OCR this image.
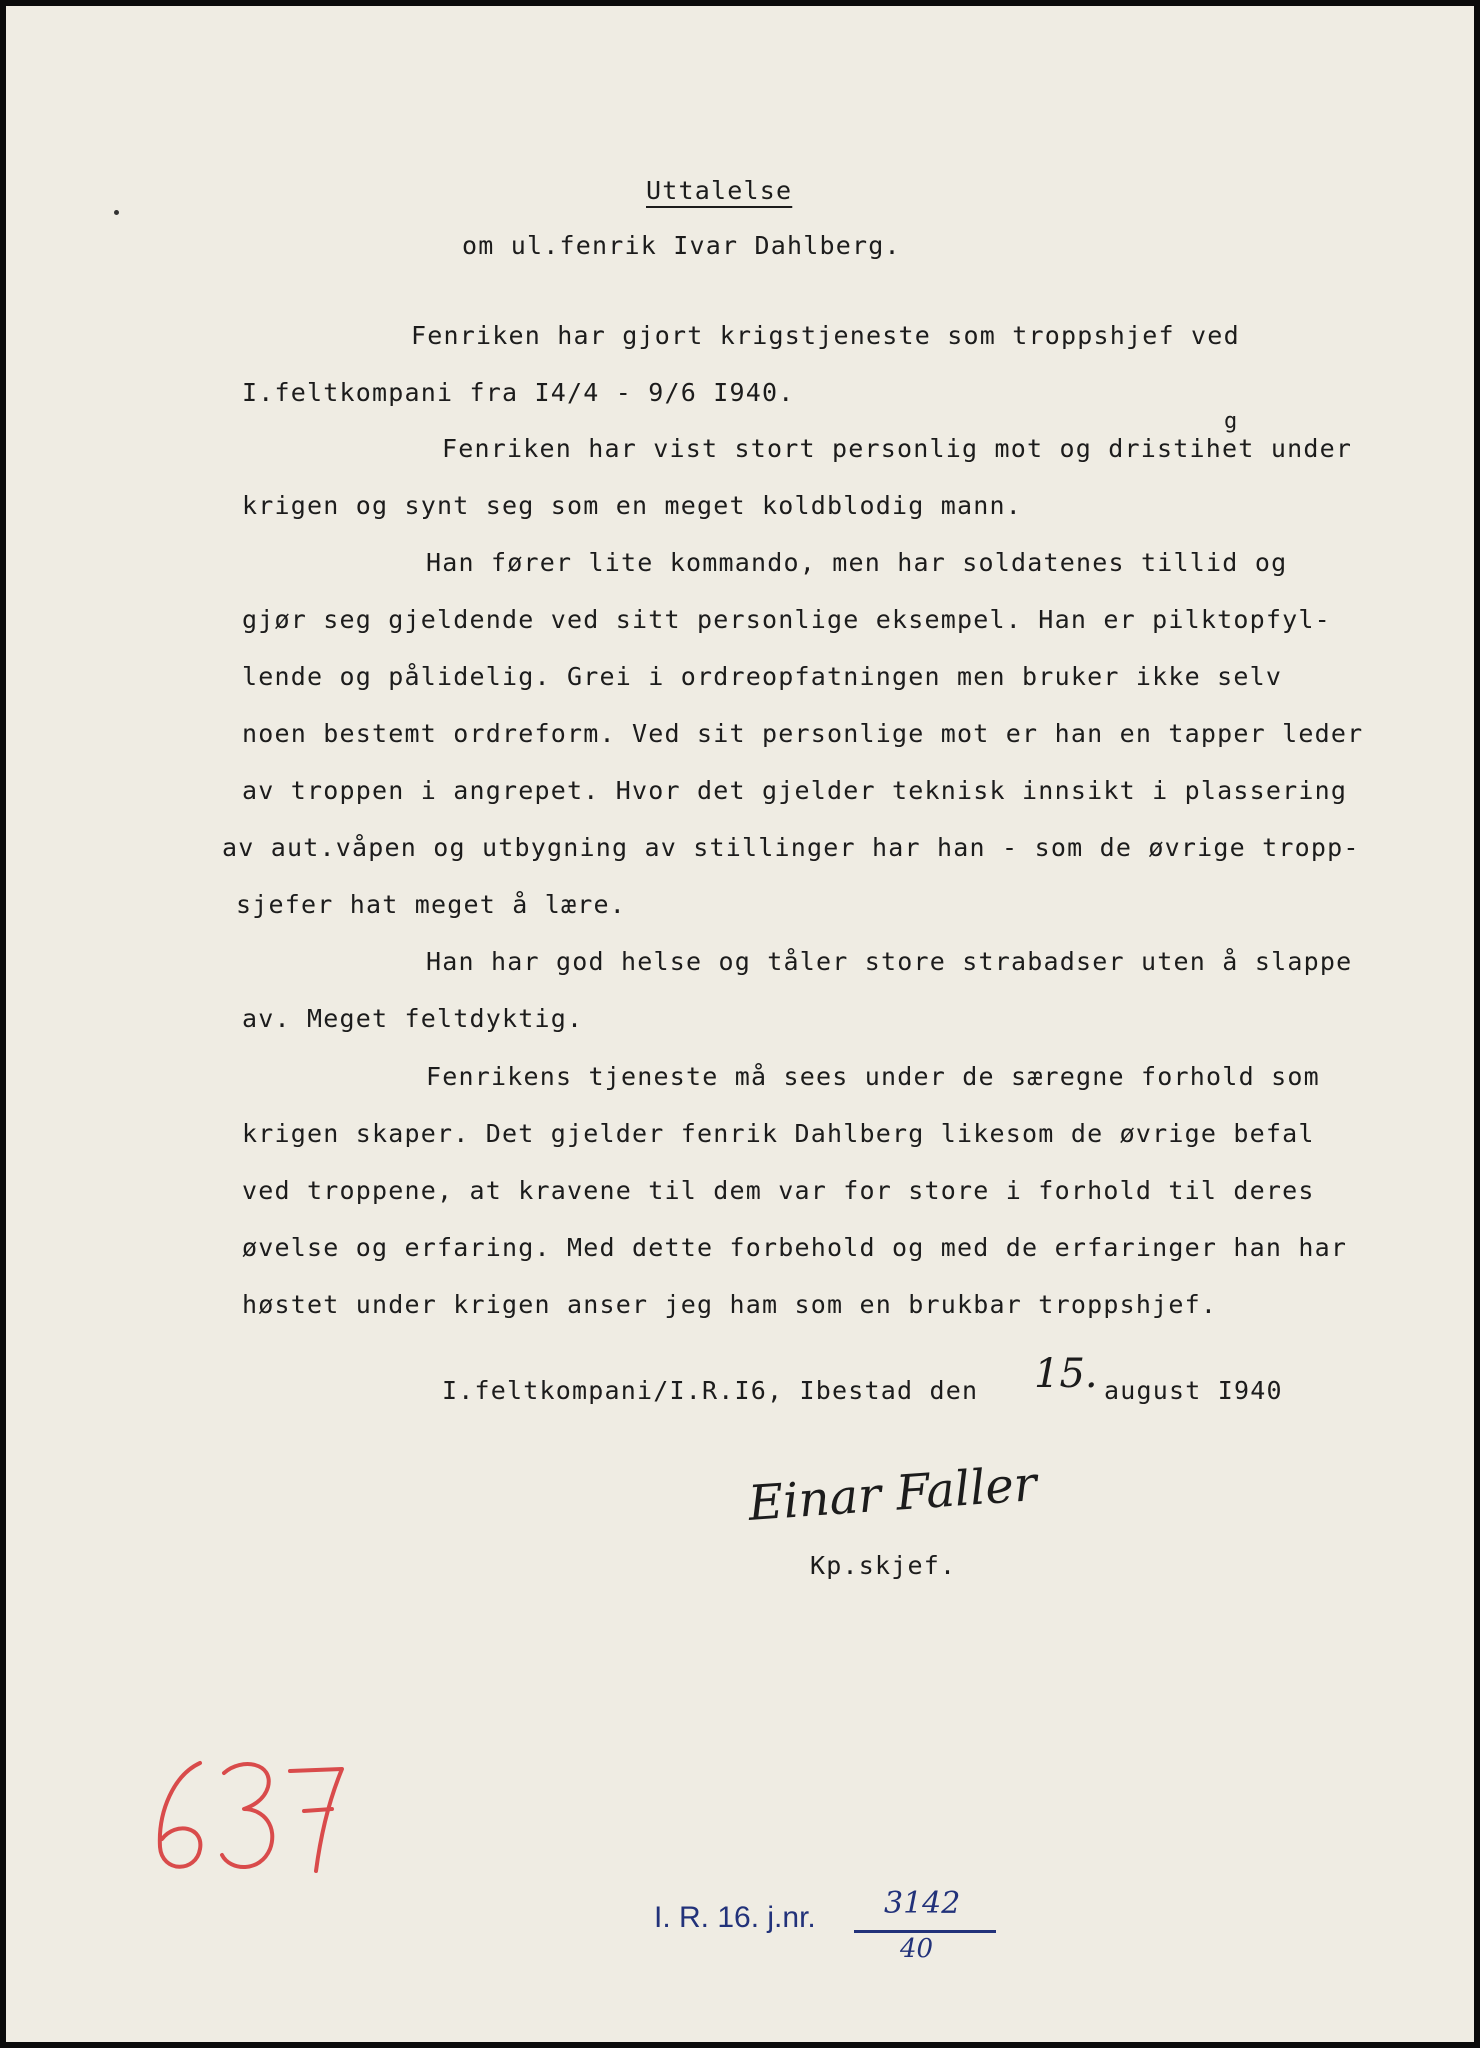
Uttalelse
om ul.fenrik Ivar Dahlberg.
Fenriken har gjort krigstjeneste som troppshjef ved
I.feltkompani fra I4/4 - 9/6 I940.
g
Fenriken har vist stort personlig mot og dristihet under
krigen og synt seg som en meget koldblodig mann.
Han fører lite kommando, men har soldatenes tillid og
gjør seg gjeldende ved sitt personlige eksempel. Han er pilktopfyl-
lende og pålidelig. Grei i ordreopfatningen men bruker ikke selv
noen bestemt ordreform. Ved sit personlige mot er han en tapper leder
av troppen i angrepet. Hvor det gjelder teknisk innsikt i plassering
av aut.våpen og utbygning av stillinger har han - som de øvrige tropp-
sjefer hat meget å lære.
Han har god helse og tåler store strabadser uten å slappe
av. Meget feltdyktig.
Fenrikens tjeneste må sees under de særegne forhold som
krigen skaper. Det gjelder fenrik Dahlberg likesom de øvrige befal
ved troppene, at kravene til dem var for store i forhold til deres
øvelse og erfaring. Med dette forbehold og med de erfaringer han har
høstet under krigen anser jeg ham som en brukbar troppshjef.
I.feltkompani/I.R.I6, Ibestad den 15. august I940
Einar Faller
Kp.skjef.
I. R. 16. j.nr. 3142
40
